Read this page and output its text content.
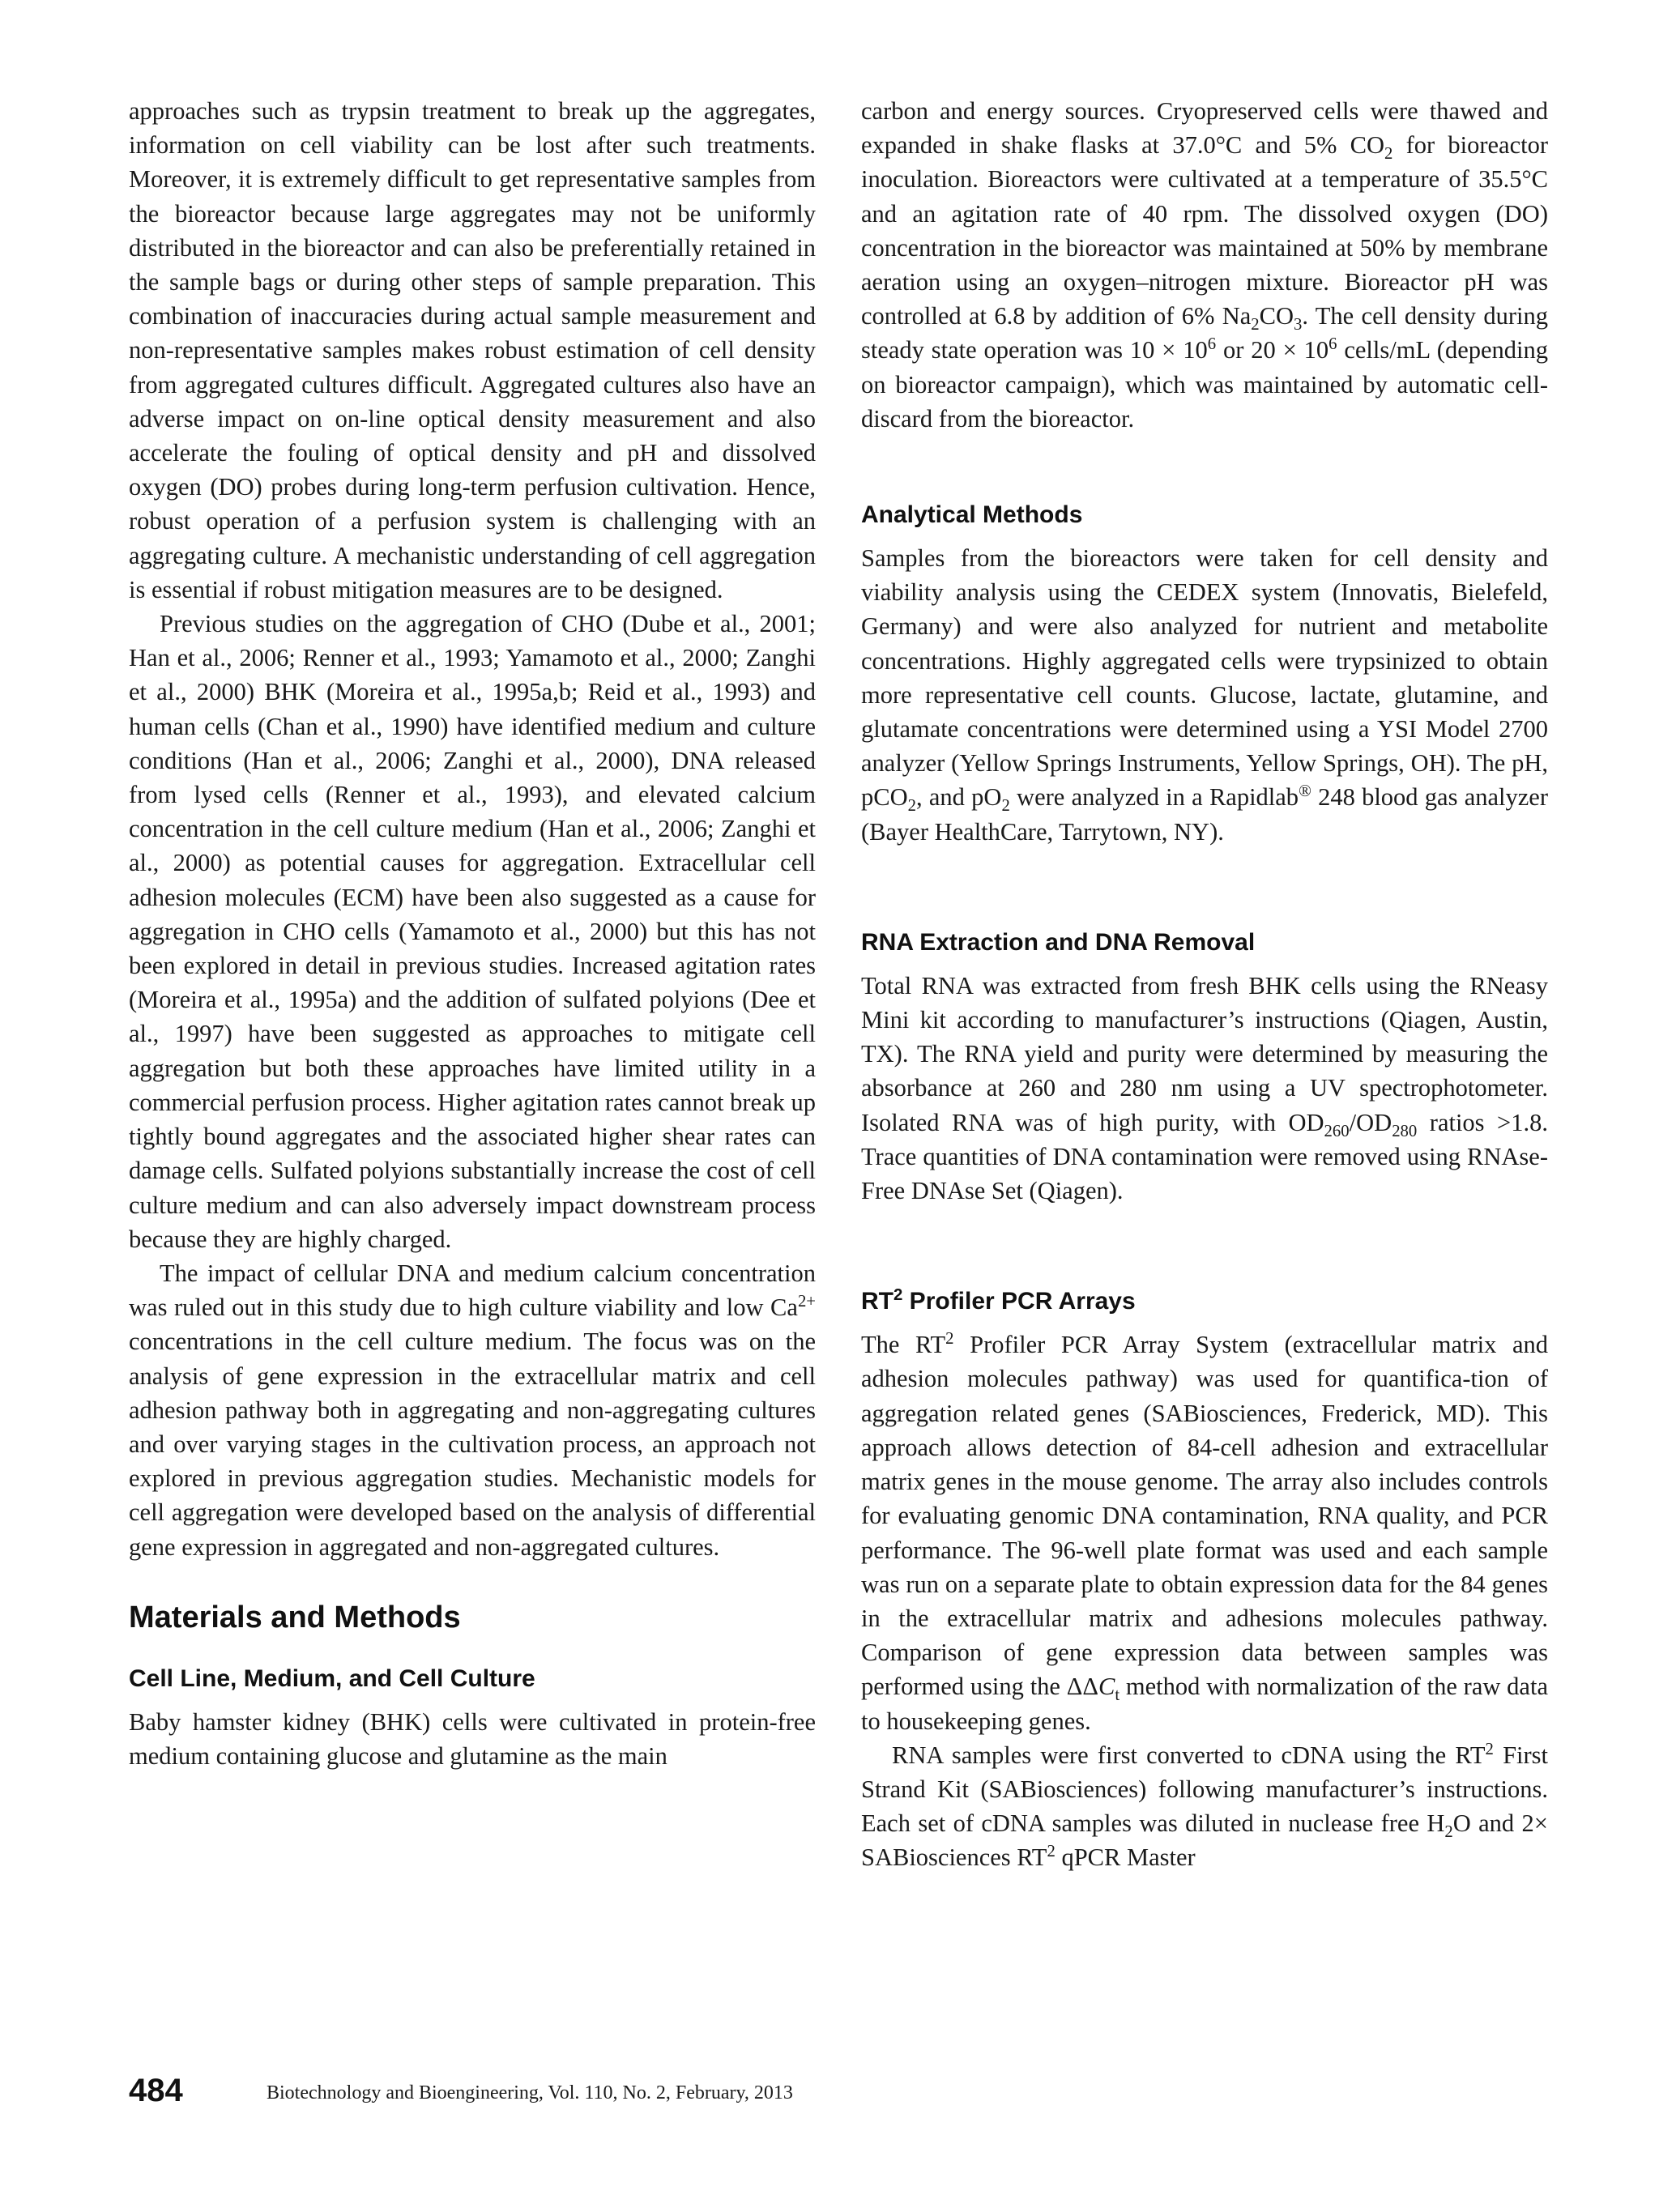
approaches such as trypsin treatment to break up the aggregates, information on cell viability can be lost after such treatments. Moreover, it is extremely difficult to get representative samples from the bioreactor because large aggregates may not be uniformly distributed in the bioreactor and can also be preferentially retained in the sample bags or during other steps of sample preparation. This combination of inaccuracies during actual sample measurement and non-representative samples makes robust estimation of cell density from aggregated cultures difficult. Aggregated cultures also have an adverse impact on on-line optical density measurement and also accelerate the fouling of optical density and pH and dissolved oxygen (DO) probes during long-term perfusion cultivation. Hence, robust operation of a perfusion system is challenging with an aggregating culture. A mechanistic understanding of cell aggregation is essential if robust mitigation measures are to be designed.

Previous studies on the aggregation of CHO (Dube et al., 2001; Han et al., 2006; Renner et al., 1993; Yamamoto et al., 2000; Zanghi et al., 2000) BHK (Moreira et al., 1995a,b; Reid et al., 1993) and human cells (Chan et al., 1990) have identified medium and culture conditions (Han et al., 2006; Zanghi et al., 2000), DNA released from lysed cells (Renner et al., 1993), and elevated calcium concentration in the cell culture medium (Han et al., 2006; Zanghi et al., 2000) as potential causes for aggregation. Extracellular cell adhesion molecules (ECM) have been also suggested as a cause for aggregation in CHO cells (Yamamoto et al., 2000) but this has not been explored in detail in previous studies. Increased agitation rates (Moreira et al., 1995a) and the addition of sulfated polyions (Dee et al., 1997) have been suggested as approaches to mitigate cell aggregation but both these approaches have limited utility in a commercial perfusion process. Higher agitation rates cannot break up tightly bound aggregates and the associated higher shear rates can damage cells. Sulfated polyions substantially increase the cost of cell culture medium and can also adversely impact downstream process because they are highly charged.

The impact of cellular DNA and medium calcium concentration was ruled out in this study due to high culture viability and low $Ca^{2+}$ concentrations in the cell culture medium. The focus was on the analysis of gene expression in the extracellular matrix and cell adhesion pathway both in aggregating and non-aggregating cultures and over varying stages in the cultivation process, an approach not explored in previous aggregation studies. Mechanistic models for cell aggregation were developed based on the analysis of differential gene expression in aggregated and non-aggregated cultures.

Materials and Methods
Cell Line, Medium, and Cell Culture

Baby hamster kidney (BHK) cells were cultivated in protein-free medium containing glucose and glutamine as the main

carbon and energy sources. Cryopreserved cells were thawed and expanded in shake flasks at 37.0°C and 5% $CO_2$ for bioreactor inoculation. Bioreactors were cultivated at a temperature of 35.5°C and an agitation rate of 40 rpm. The dissolved oxygen (DO) concentration in the bioreactor was maintained at 50% by membrane aeration using an oxygen–nitrogen mixture. Bioreactor pH was controlled at 6.8 by addition of 6% $Na_2CO_3$. The cell density during steady state operation was $10 \times 10^6$ or $20 \times 10^6$ cells/mL (depending on bioreactor campaign), which was maintained by automatic cell-discard from the bioreactor.

Analytical Methods

Samples from the bioreactors were taken for cell density and viability analysis using the CEDEX system (Innovatis, Bielefeld, Germany) and were also analyzed for nutrient and metabolite concentrations. Highly aggregated cells were trypsinized to obtain more representative cell counts. Glucose, lactate, glutamine, and glutamate concentrations were determined using a YSI Model 2700 analyzer (Yellow Springs Instruments, Yellow Springs, OH). The pH, pCO$_2$, and $pO_2$ were analyzed in a Rapidlab® 248 blood gas analyzer (Bayer HealthCare, Tarrytown, NY).

RNA Extraction and DNA Removal

Total RNA was extracted from fresh BHK cells using the RNeasy Mini kit according to manufacturer’s instructions (Qiagen, Austin, TX). The RNA yield and purity were determined by measuring the absorbance at 260 and 280 nm using a UV spectrophotometer. Isolated RNA was of high purity, with $OD_{260}/OD_{280}$ ratios >1.8. Trace quantities of DNA contamination were removed using RNAse-Free DNAse Set (Qiagen).

$RT^2$ Profiler PCR Arrays

The $RT^2$ Profiler PCR Array System (extracellular matrix and adhesion molecules pathway) was used for quantifica-tion of aggregation related genes (SABiosciences, Frederick, MD). This approach allows detection of 84-cell adhesion and extracellular matrix genes in the mouse genome. The array also includes controls for evaluating genomic DNA contamination, RNA quality, and PCR performance. The 96-well plate format was used and each sample was run on a separate plate to obtain expression data for the 84 genes in the extracellular matrix and adhesions molecules pathway. Comparison of gene expression data between samples was performed using the $\Delta\Delta C_t$ method with normalization of the raw data to housekeeping genes.

RNA samples were first converted to cDNA using the $RT^2$ First Strand Kit (SABiosciences) following manufacturer’s instructions. Each set of cDNA samples was diluted in nuclease free $H_2O$ and 2× SABiosciences $RT^2$ qPCR Master

484	Biotechnology and Bioengineering, Vol. 110, No. 2, February, 2013
